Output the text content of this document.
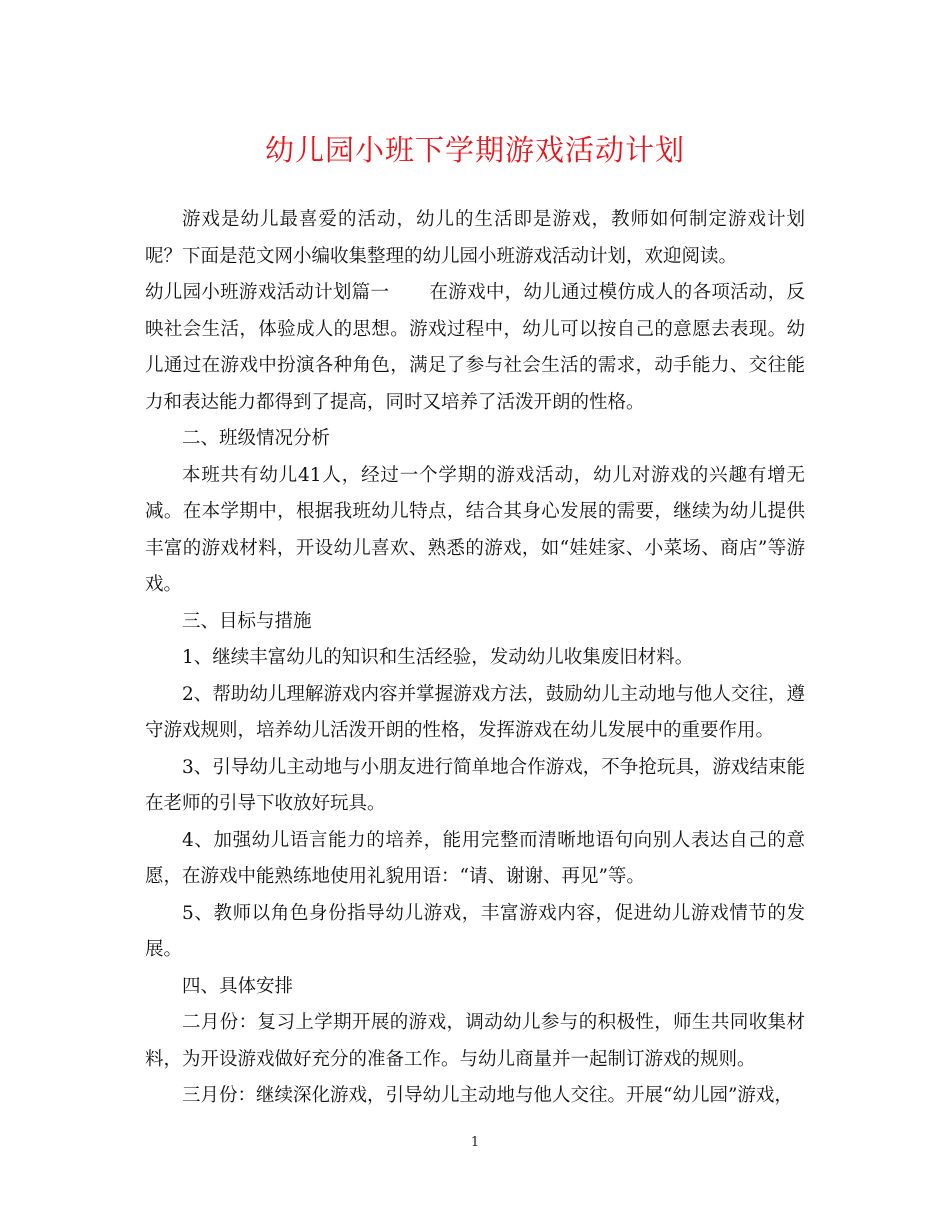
幼儿园小班下学期游戏活动计划

游戏是幼儿最喜爱的活动，幼儿的生活即是游戏，教师如何制定游戏计划呢？下面是范文网小编收集整理的幼儿园小班游戏活动计划，欢迎阅读。

幼儿园小班游戏活动计划篇一 在游戏中，幼儿通过模仿成人的各项活动，反映社会生活，体验成人的思想。游戏过程中，幼儿可以按自己的意愿去表现。幼儿通过在游戏中扮演各种角色，满足了参与社会生活的需求，动手能力、交往能力和表达能力都得到了提高，同时又培养了活泼开朗的性格。

二、班级情况分析

本班共有幼儿41人，经过一个学期的游戏活动，幼儿对游戏的兴趣有增无减。在本学期中，根据我班幼儿特点，结合其身心发展的需要，继续为幼儿提供丰富的游戏材料，开设幼儿喜欢、熟悉的游戏，如“娃娃家、小菜场、商店”等游戏。

三、目标与措施

1、继续丰富幼儿的知识和生活经验，发动幼儿收集废旧材料。

2、帮助幼儿理解游戏内容并掌握游戏方法，鼓励幼儿主动地与他人交往，遵守游戏规则，培养幼儿活泼开朗的性格，发挥游戏在幼儿发展中的重要作用。

3、引导幼儿主动地与小朋友进行简单地合作游戏，不争抢玩具，游戏结束能在老师的引导下收放好玩具。

4、加强幼儿语言能力的培养，能用完整而清晰地语句向别人表达自己的意愿，在游戏中能熟练地使用礼貌用语：“请、谢谢、再见”等。

5、教师以角色身份指导幼儿游戏，丰富游戏内容，促进幼儿游戏情节的发展。

四、具体安排

二月份：复习上学期开展的游戏，调动幼儿参与的积极性，师生共同收集材料，为开设游戏做好充分的准备工作。与幼儿商量并一起制订游戏的规则。

三月份：继续深化游戏，引导幼儿主动地与他人交往。开展“幼儿园”游戏，

1
